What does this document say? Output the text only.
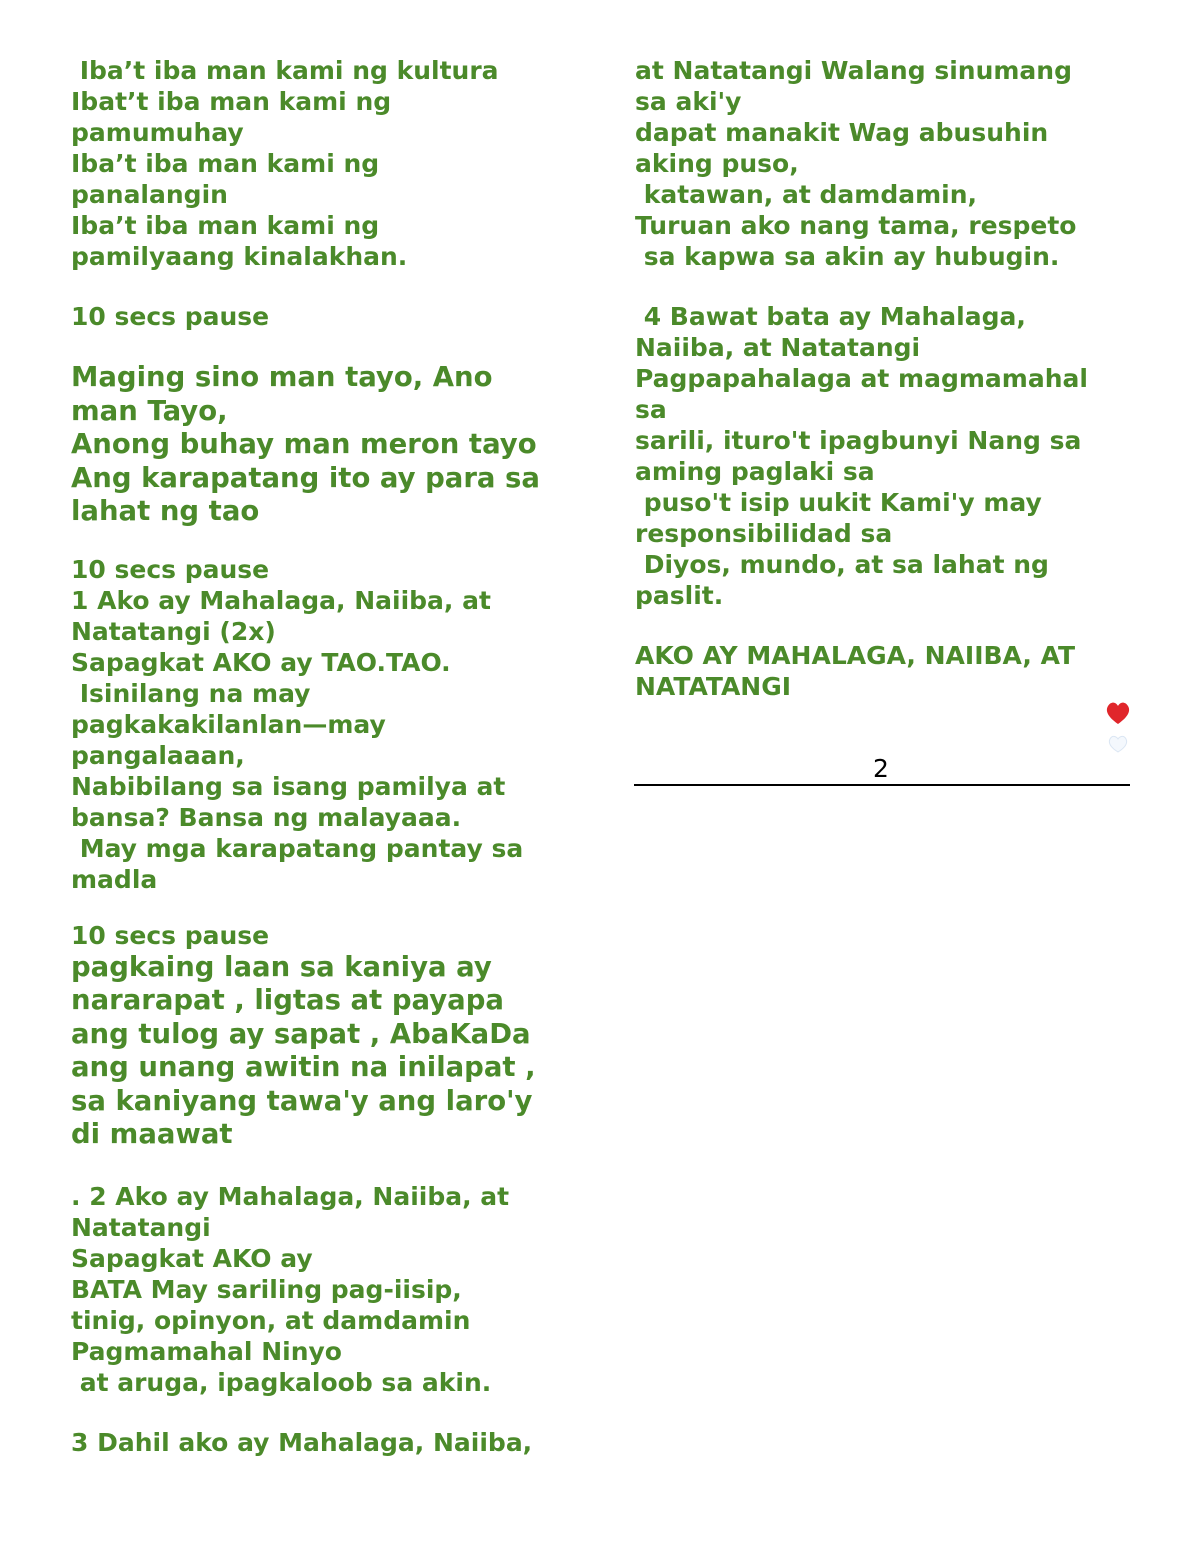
Iba’t iba man kami ng kultura
Ibat’t iba man kami ng
pamumuhay
Iba’t iba man kami ng
panalangin
Iba’t iba man kami ng
pamilyaang kinalakhan.
10 secs pause
Maging sino man tayo, Ano
man Tayo,
Anong buhay man meron tayo
Ang karapatang ito ay para sa
lahat ng tao
10 secs pause
1 Ako ay Mahalaga, Naiiba, at
Natatangi (2x)
Sapagkat AKO ay TAO.TAO.
Isinilang na may
pagkakakilanlan—may
pangalaaan,
Nabibilang sa isang pamilya at
bansa? Bansa ng malayaaa.
May mga karapatang pantay sa
madla
10 secs pause
pagkaing laan sa kaniya ay
nararapat , ligtas at payapa
ang tulog ay sapat , AbaKaDa
ang unang awitin na inilapat ,
sa kaniyang tawa'y ang laro'y
di maawat
. 2 Ako ay Mahalaga, Naiiba, at
Natatangi
Sapagkat AKO ay
BATA May sariling pag-iisip,
tinig, opinyon, at damdamin
Pagmamahal Ninyo
at aruga, ipagkaloob sa akin.
3 Dahil ako ay Mahalaga, Naiiba,
at Natatangi Walang sinumang
sa aki'y
dapat manakit Wag abusuhin
aking puso,
katawan, at damdamin,
Turuan ako nang tama, respeto
sa kapwa sa akin ay hubugin.
4 Bawat bata ay Mahalaga,
Naiiba, at Natatangi
Pagpapahalaga at magmamahal
sa
sarili, ituro't ipagbunyi Nang sa
aming paglaki sa
puso't isip uukit Kami'y may
responsibilidad sa
Diyos, mundo, at sa lahat ng
paslit.
AKO AY MAHALAGA, NAIIBA, AT
NATATANGI
2
